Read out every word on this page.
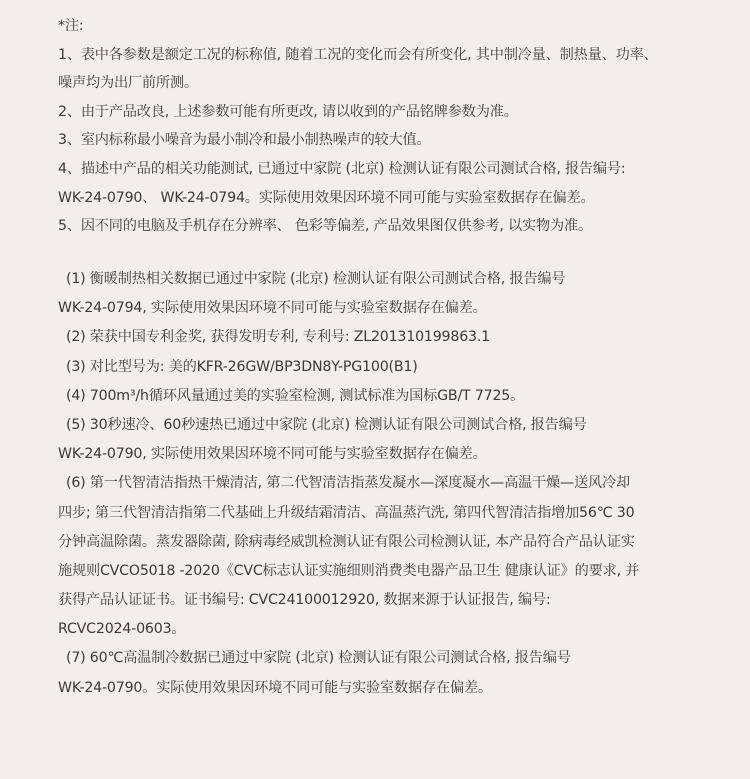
*注:
1、表中各参数是额定工况的标称值, 随着工况的变化而会有所变化, 其中制冷量、制热量、功率、
噪声均为出厂前所测。
2、由于产品改良, 上述参数可能有所更改, 请以收到的产品铭牌参数为准。
3、室内标称最小噪音为最小制冷和最小制热噪声的较大值。
4、描述中产品的相关功能测试, 已通过中家院 (北京) 检测认证有限公司测试合格, 报告编号:
WK-24-0790、 WK-24-0794。实际使用效果因环境不同可能与实验室数据存在偏差。
5、因不同的电脑及手机存在分辨率、 色彩等偏差, 产品效果图仅供参考, 以实物为准。
(1) 衡暖制热相关数据已通过中家院 (北京) 检测认证有限公司测试合格, 报告编号
WK-24-0794, 实际使用效果因环境不同可能与实验室数据存在偏差。
(2) 荣获中国专利金奖, 获得发明专利, 专利号: ZL201310199863.1
(3) 对比型号为: 美的KFR-26GW/BP3DN8Y-PG100(B1)
(4) 700m³/h循环风量通过美的实验室检测, 测试标准为国标GB/T 7725。
(5) 30秒速冷、60秒速热已通过中家院 (北京) 检测认证有限公司测试合格, 报告编号
WK-24-0790, 实际使用效果因环境不同可能与实验室数据存在偏差。
(6) 第一代智清洁指热干燥清洁, 第二代智清洁指蒸发凝水—深度凝水—高温干燥—送风冷却
四步; 第三代智清洁指第二代基础上升级结霜清洁、高温蒸汽洗, 第四代智清洁指增加56℃ 30
分钟高温除菌。蒸发器除菌, 除病毒经威凯检测认证有限公司检测认证, 本产品符合产品认证实
施规则CVCO5018 -2020《CVC标志认证实施细则消费类电器产品卫生 健康认证》的要求, 并
获得产品认证证书。证书编号: CVC24100012920, 数据来源于认证报告, 编号:
RCVC2024-0603。
(7) 60℃高温制冷数据已通过中家院 (北京) 检测认证有限公司测试合格, 报告编号
WK-24-0790。实际使用效果因环境不同可能与实验室数据存在偏差。
